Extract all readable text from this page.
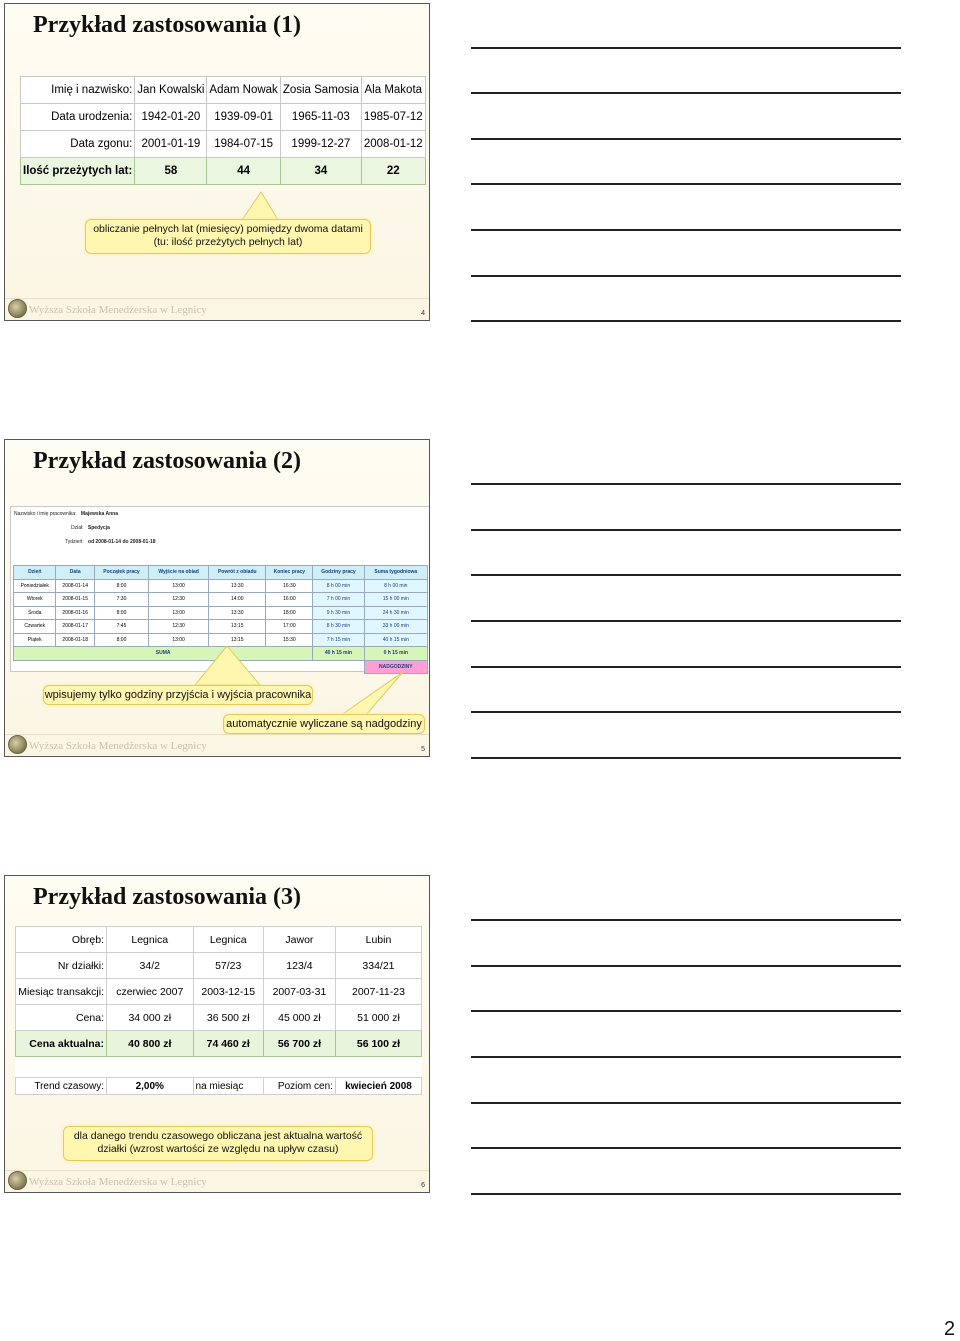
Przykład zastosowania (1)
Imię i nazwisko:	Jan Kowalski	Adam Nowak	Zosia Samosia	Ala Makota
Data urodzenia:	1942-01-20	1939-09-01	1965-11-03	1985-07-12
Data zgonu:	2001-01-19	1984-07-15	1999-12-27	2008-01-12
Ilość przeżytych lat:	58	44	34	22
obliczanie pełnych lat (miesięcy) pomiędzy dwoma datami
(tu: ilość przeżytych pełnych lat)
Wyższa Szkoła Menedżerska w Legnicy	4
Przykład zastosowania (2)
Nazwisko i imię pracownika: Majewska Anna
Dział: Spedycja
Tydzień: od 2008-01-14 do 2008-01-18
Dzień	Data	Początek pracy	Wyjście na obiad	Powrót z obiadu	Koniec pracy	Godziny pracy	Suma tygodniowa
Poniedziałek	2008-01-14	8:00	13:00	13:30	16:30	8 h 00 min	8 h 00 min
Wtorek	2008-01-15	7:30	12:30	14:00	16:00	7 h 00 min	15 h 00 min
Środa	2008-01-16	8:00	13:00	13:30	18:00	9 h 30 min	24 h 30 min
Czwartek	2008-01-17	7:45	12:30	13:15	17:00	8 h 30 min	33 h 00 min
Piątek	2008-01-18	8:00	13:00	13:15	15:30	7 h 15 min	40 h 15 min
SUMA						40 h 15 min	0 h 15 min
							NADGODZINY
wpisujemy tylko godziny przyjścia i wyjścia pracownika
automatycznie wyliczane są nadgodziny
Wyższa Szkoła Menedżerska w Legnicy	5
Przykład zastosowania (3)
Obręb:	Legnica	Legnica	Jawor	Lubin
Nr działki:	34/2	57/23	123/4	334/21
Miesiąc transakcji:	czerwiec 2007	2003-12-15	2007-03-31	2007-11-23
Cena:	34 000 zł	36 500 zł	45 000 zł	51 000 zł
Cena aktualna:	40 800 zł	74 460 zł	56 700 zł	56 100 zł

Trend czasowy:	2,00%	na miesiąc	Poziom cen:	kwiecień 2008
dla danego trendu czasowego obliczana jest aktualna wartość
działki (wzrost wartości ze względu na upływ czasu)
Wyższa Szkoła Menedżerska w Legnicy	6
2
